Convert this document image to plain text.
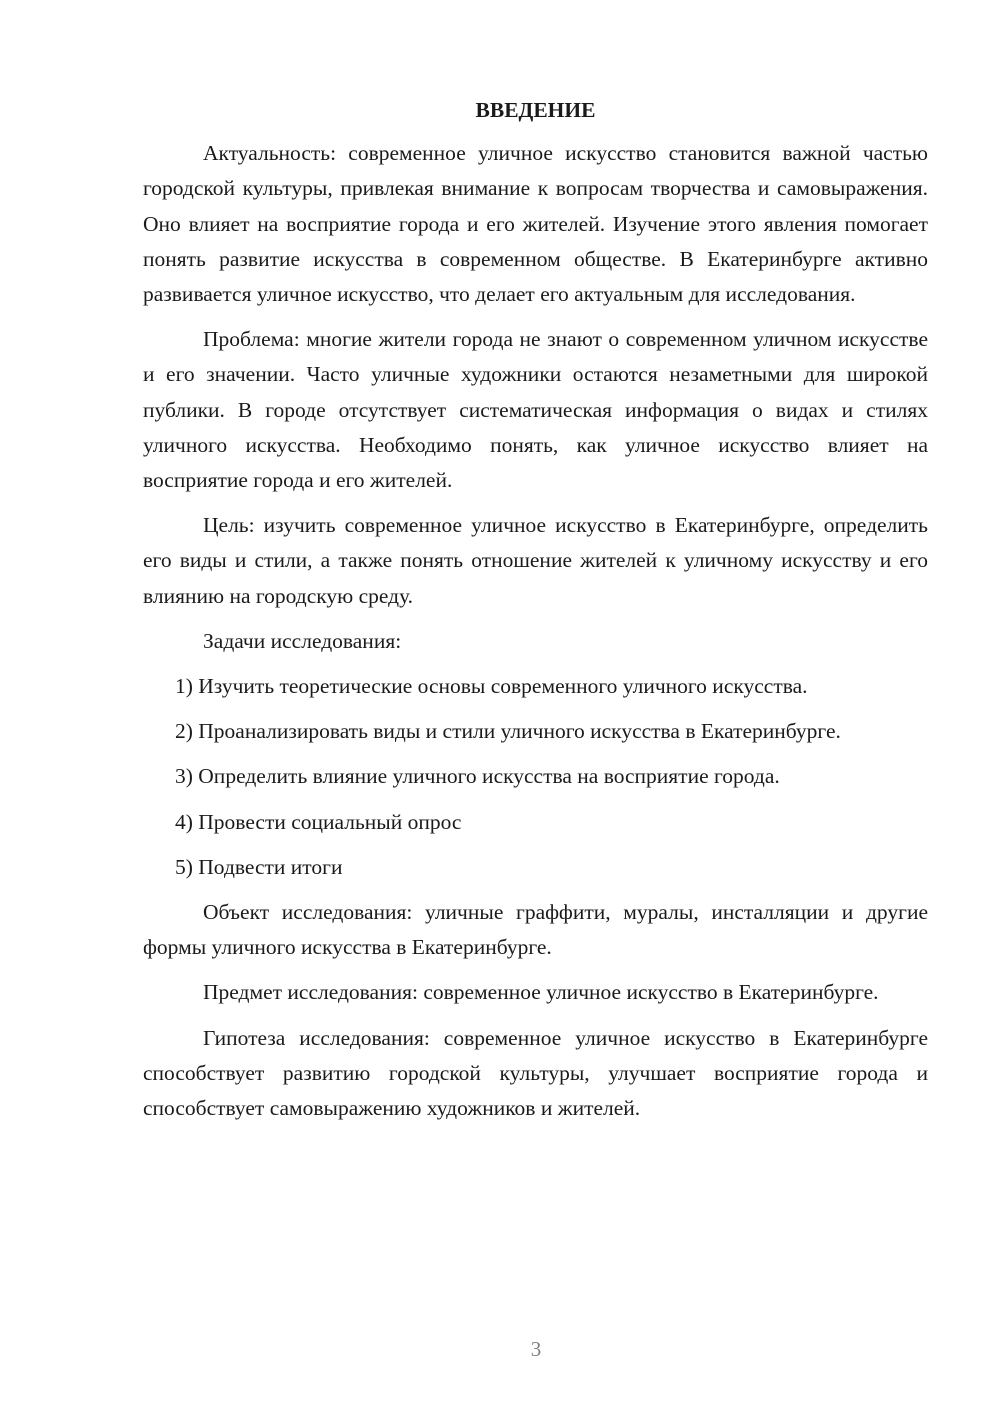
ВВЕДЕНИЕ

Актуальность: современное уличное искусство становится важной частью городской культуры, привлекая внимание к вопросам творчества и самовыражения. Оно влияет на восприятие города и его жителей. Изучение этого явления помогает понять развитие искусства в современном обществе. В Екатеринбурге активно развивается уличное искусство, что делает его актуальным для исследования.

Проблема: многие жители города не знают о современном уличном искусстве и его значении. Часто уличные художники остаются незаметными для широкой публики. В городе отсутствует систематическая информация о видах и стилях уличного искусства. Необходимо понять, как уличное искусство влияет на восприятие города и его жителей.

Цель: изучить современное уличное искусство в Екатеринбурге, определить его виды и стили, а также понять отношение жителей к уличному искусству и его влиянию на городскую среду.

Задачи исследования:

1) Изучить теоретические основы современного уличного искусства.

2) Проанализировать виды и стили уличного искусства в Екатеринбурге.

3) Определить влияние уличного искусства на восприятие города.

4) Провести социальный опрос

5) Подвести итоги

Объект исследования: уличные граффити, муралы, инсталляции и другие формы уличного искусства в Екатеринбурге.

Предмет исследования: современное уличное искусство в Екатеринбурге.

Гипотеза исследования: современное уличное искусство в Екатеринбурге способствует развитию городской культуры, улучшает восприятие города и способствует самовыражению художников и жителей.

3
